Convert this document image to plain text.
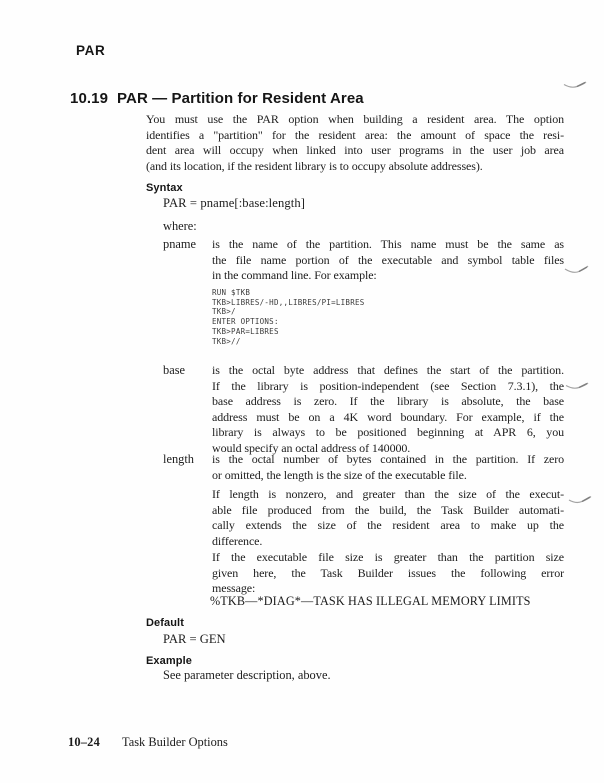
PAR
10.19 PAR — Partition for Resident Area
You must use the PAR option when building a resident area. The option
identifies a "partition" for the resident area: the amount of space the resi-
dent area will occupy when linked into user programs in the user job area
(and its location, if the resident library is to occupy absolute addresses).
Syntax
PAR = pname[:base:length]
where:
pname is the name of the partition. This name must be the same as
the file name portion of the executable and symbol table files
in the command line. For example:
RUN $TKB
TKB>LIBRES/-HD,,LIBRES/PI=LIBRES
TKB>/
ENTER OPTIONS:
TKB>PAR=LIBRES
TKB>//
base is the octal byte address that defines the start of the partition.
If the library is position-independent (see Section 7.3.1), the
base address is zero. If the library is absolute, the base
address must be on a 4K word boundary. For example, if the
library is always to be positioned beginning at APR 6, you
would specify an octal address of 140000.
length is the octal number of bytes contained in the partition. If zero
or omitted, the length is the size of the executable file.
If length is nonzero, and greater than the size of the execut-
able file produced from the build, the Task Builder automati-
cally extends the size of the resident area to make up the
difference.
If the executable file size is greater than the partition size
given here, the Task Builder issues the following error
message:
%TKB—*DIAG*—TASK HAS ILLEGAL MEMORY LIMITS
Default
PAR = GEN
Example
See parameter description, above.
10–24 Task Builder Options
